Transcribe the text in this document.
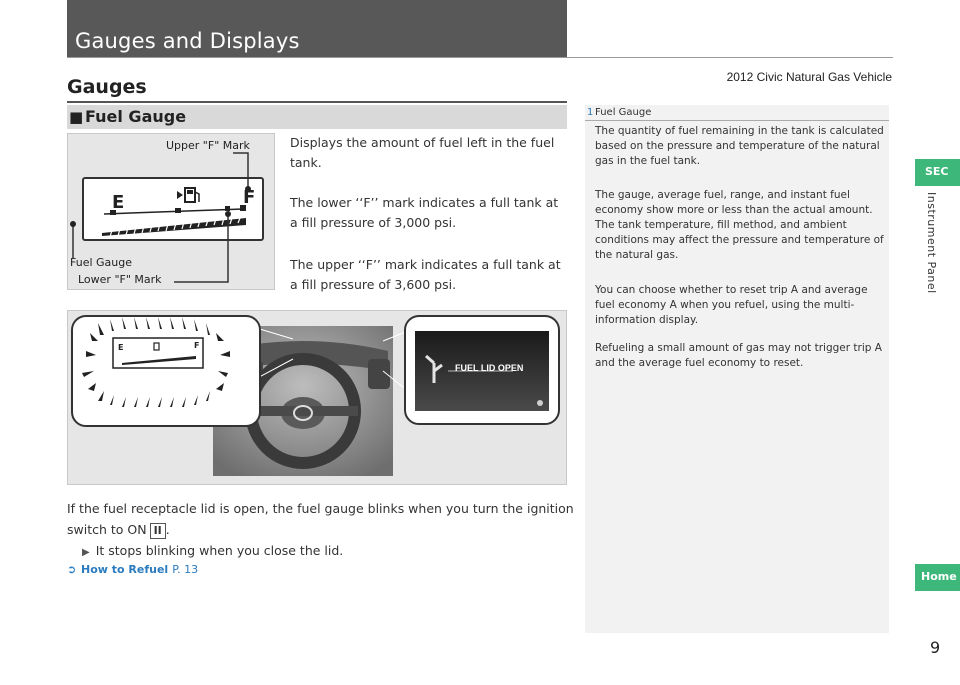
Gauges and Displays
2012 Civic Natural Gas Vehicle
Gauges
■ Fuel Gauge
Upper "F" Mark
Fuel Gauge
Lower "F" Mark
E	F
Displays the amount of fuel left in the fuel tank.
The lower ‘‘F’’ mark indicates a full tank at a fill pressure of 3,000 psi.
The upper ‘‘F’’ mark indicates a full tank at a fill pressure of 3,600 psi.
FUEL LID OPEN
E	F
If the fuel receptacle lid is open, the fuel gauge blinks when you turn the ignition
switch to ON II .
▶ It stops blinking when you close the lid.
➲ How to Refuel P. 13
1 Fuel Gauge
The quantity of fuel remaining in the tank is calculated based on the pressure and temperature of the natural gas in the fuel tank.
The gauge, average fuel, range, and instant fuel economy show more or less than the actual amount. The tank temperature, fill method, and ambient conditions may affect the pressure and temperature of the natural gas.
You can choose whether to reset trip A and average fuel economy A when you refuel, using the multi-information display.
Refueling a small amount of gas may not trigger trip A and the average fuel economy to reset.
SEC
Instrument Panel
Home
9
